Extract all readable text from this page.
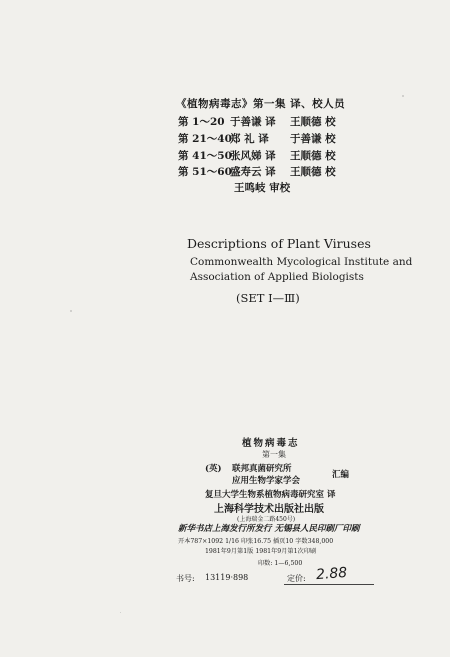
《植物病毒志》第一集 译、校人员
第 1～20 于善谦 译 王顺德 校
第 21～40郑 礼 译 于善谦 校
第 41～50张风娣 译 王顺德 校
第 51～60盛寿云 译 王顺德 校
王鸣岐 审校
Descriptions of Plant Viruses
Commonwealth Mycological Institute and
Association of Applied Biologists
(SET Ⅰ—Ⅲ)
植物病毒志
第一集
(英) 联邦真菌研究所
应用生物学家学会
汇编
复旦大学生物系植物病毒研究室 译
上海科学技术出版社出版
(上海瑞金二路450号)
新华书店上海发行所发行 无锡县人民印刷厂印刷
开本787×1092 1/16 印张16.75 插页10 字数348,000
1981年9月第1版 1981年9月第1次印刷
印数: 1—6,500
书号: 13119·898	定价: 2.88
